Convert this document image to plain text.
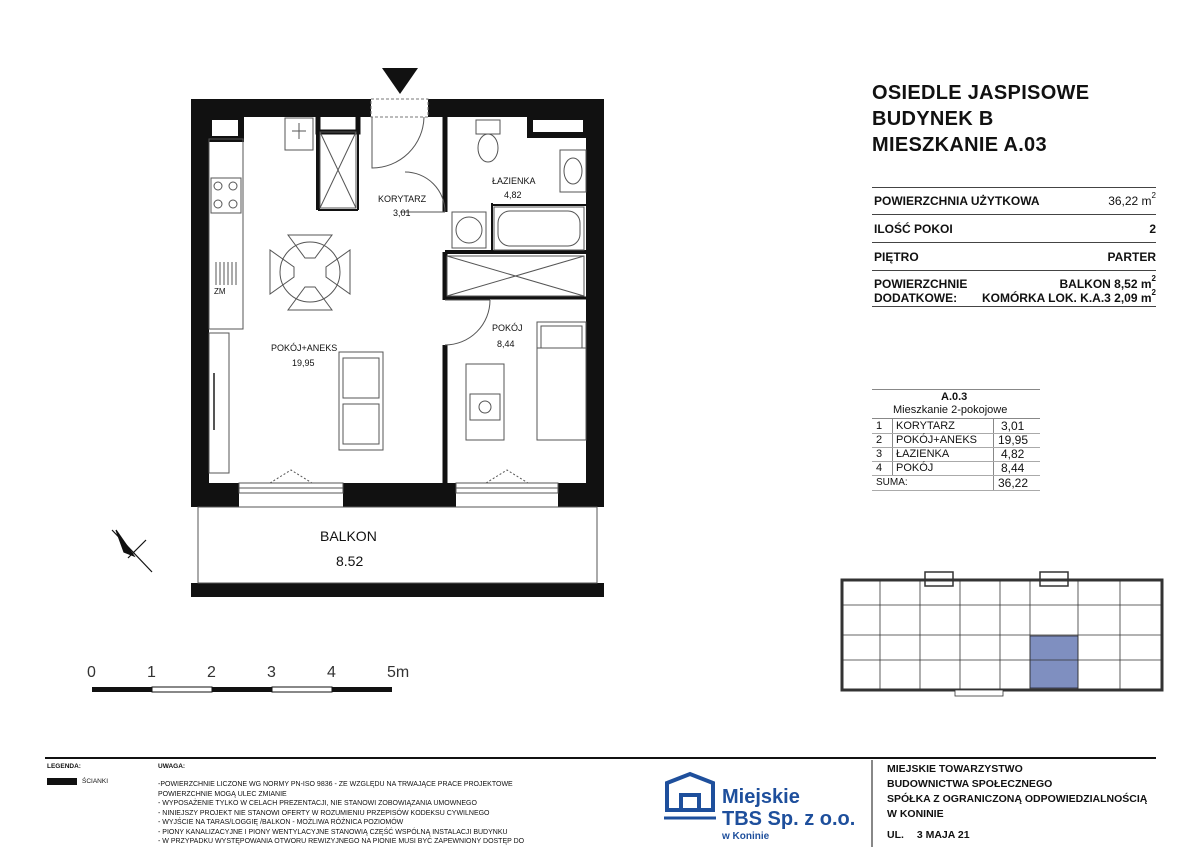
KORYTARZ
3,01
ŁAZIENKA
4,82
POKÓJ+ANEKS
19,95
POKÓJ
8,44
ZM
BALKON
8.52
0	1	2	3	4	5m
OSIEDLE JASPISOWE
BUDYNEK B
MIESZKANIE A.03
POWIERZCHNIA UŻYTKOWA	36,22 $m^2$
ILOŚĆ POKOI	2
PIĘTRO	PARTER
POWIERZCHNIE	BALKON 8,52 $m^2$
DODATKOWE: KOMÓRKA LOK. K.A.3 2,09 $m^2$
A.0.3
Mieszkanie 2-pokojowe
1 KORYTARZ	3,01
2 POKÓJ+ANEKS 19,95
3 ŁAZIENKA	4,82
4 POKÓJ	8,44
SUMA:	36,22
LEGENDA:
ŚCIANKI
UWAGA:
-POWIERZCHNIE LICZONE WG NORMY PN-ISO 9836 - ZE WZGLĘDU NA TRWAJĄCE PRACE PROJEKTOWE
POWIERZCHNIE MOGĄ ULEC ZMIANIE
- WYPOSAŻENIE TYLKO W CELACH PREZENTACJI, NIE STANOWI ZOBOWIĄZANIA UMOWNEGO
- NINIEJSZY PROJEKT NIE STANOWI OFERTY W ROZUMIENIU PRZEPISÓW KODEKSU CYWILNEGO
- WYJŚCIE NA TARAS/LOGGIĘ /BALKON - MOŻLIWA RÓŻNICA POZIOMÓW
- PIONY KANALIZACYJNE I PIONY WENTYLACYJNE STANOWIĄ CZĘŚĆ WSPÓLNĄ INSTALACJI BUDYNKU
- W PRZYPADKU WYSTĘPOWANIA OTWORU REWIZYJNEGO NA PIONIE MUSI BYĆ ZAPEWNIONY DOSTĘP DO
Miejskie
TBS Sp. z o.o.
w Koninie
MIEJSKIE TOWARZYSTWO
BUDOWNICTWA SPOŁECZNEGO
SPÓŁKA Z OGRANICZONĄ ODPOWIEDZIALNOŚCIĄ
W KONINIE
UL. 3 MAJA 21
